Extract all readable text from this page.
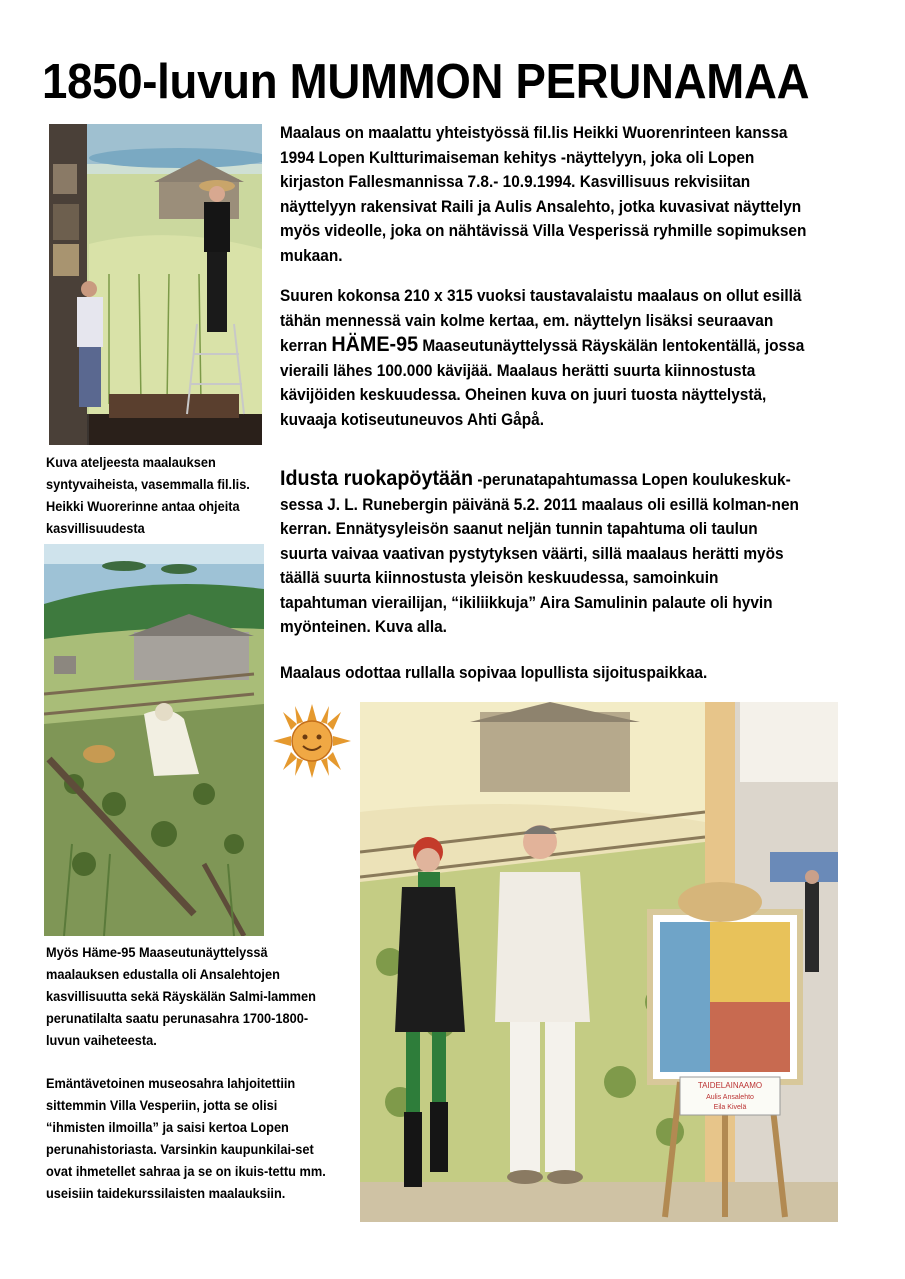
1850-luvun MUMMON PERUNAMAA

Kuva ateljeesta maalauksen syntyvaiheista, vasemmalla fil.lis. Heikki Wuorerinne antaa ohjeita kasvillisuudesta

Myös Häme-95 Maaseutunäyttelyssä maalauksen edustalla oli Ansalehtojen kasvillisuutta sekä Räyskälän Salmi-lammen perunatilalta saatu perunasahra 1700-1800-luvun vaiheteesta.

Emäntävetoinen museosahra lahjoitettiin sittemmin Villa Vesperiin, jotta se olisi “ihmisten ilmoilla” ja saisi kertoa Lopen perunahistoriasta. Varsinkin kaupunkilai-set ovat ihmetellet sahraa ja se on ikuis-tettu mm. useisiin taidekurssilaisten maalauksiin.

Maalaus on maalattu yhteistyössä fil.lis Heikki Wuorenrinteen kanssa 1994 Lopen Kultturimaiseman kehitys -näyttelyyn, joka oli Lopen kirjaston Fallesmannissa 7.8.- 10.9.1994. Kasvillisuus rekvisiitan näyttelyyn rakensivat Raili ja Aulis Ansalehto, jotka kuvasivat näyttelyn myös videolle, joka on nähtävissä Villa Vesperissä ryhmille sopimuksen mukaan.

Suuren kokonsa 210 x 315 vuoksi taustavalaistu maalaus on ollut esillä tähän mennessä vain kolme kertaa, em. näyttelyn lisäksi seuraavan kerran HÄME-95 Maaseutunäyttelyssä Räyskälän lentokentällä, jossa vieraili lähes 100.000 kävijää. Maalaus herätti suurta kiinnostusta kävijöiden keskuudessa. Oheinen kuva on juuri tuosta näyttelystä, kuvaaja kotiseutuneuvos Ahti Gåpå.

Idusta ruokapöytään -perunatapahtumassa Lopen koulukeskuk-sessa J. L. Runebergin päivänä 5.2. 2011 maalaus oli esillä kolman-nen kerran. Ennätysyleisön saanut neljän tunnin tapahtuma oli taulun suurta vaivaa vaativan pystytyksen väärti, sillä maalaus herätti myös täällä suurta kiinnostusta yleisön keskuudessa, samoinkuin tapahtuman vierailijan, “ikiliikkuja” Aira Samulinin palaute oli hyvin myönteinen. Kuva alla.

Maalaus odottaa rullalla sopivaa lopullista sijoituspaikkaa.

TAIDELAINAAMO
Aulis Ansalehto
Eila Kivelä
